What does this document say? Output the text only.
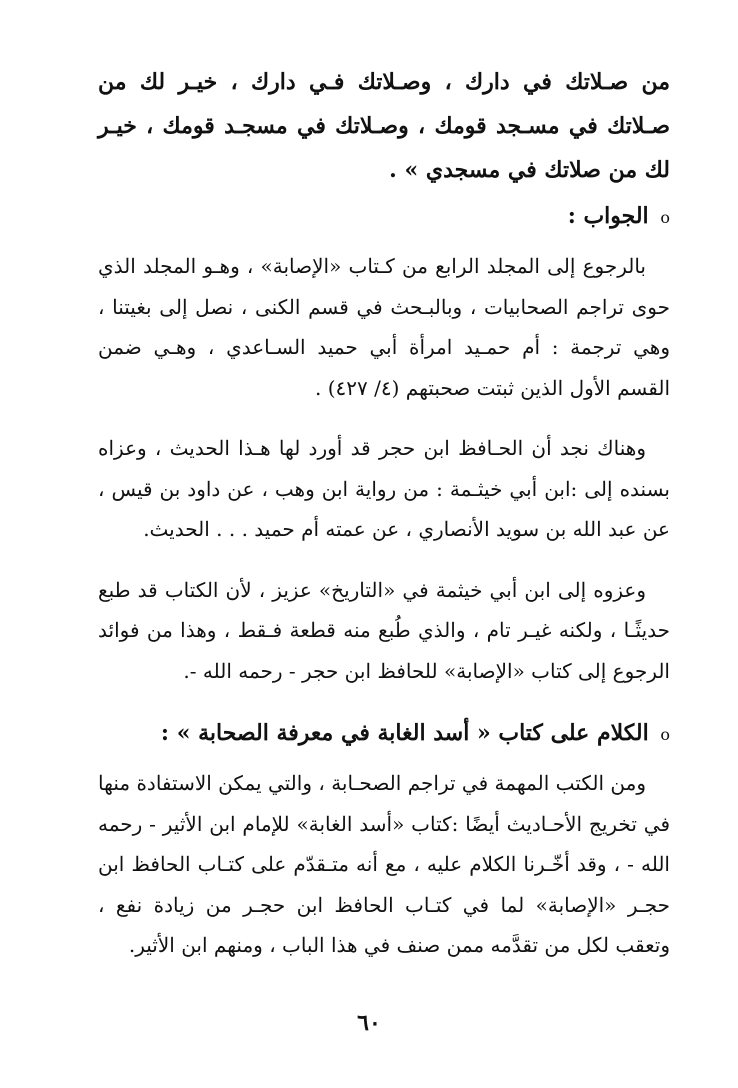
من صـلاتك في دارك ، وصـلاتك فـي دارك ، خيـر لك من صـلاتك في مسـجد قومك ، وصـلاتك في مسجـد قومك ، خيـر لك من صلاتك في مسجدي » .
o الجواب :

بالرجوع إلى المجلد الرابع من كـتاب «الإصابة» ، وهـو المجلد الذي حوى تراجم الصحابيات ، وبالبـحث في قسم الكنى ، نصل إلى بغيتنا ، وهي ترجمة : أم حمـيد امرأة أبي حميد السـاعدي ، وهـي ضمن القسم الأول الذين ثبتت صحبتهم (٤/ ٤٢٧) .

وهناك نجد أن الحـافظ ابن حجر قد أورد لها هـذا الحديث ، وعزاه بسنده إلى :ابن أبي خيثـمة : من رواية ابن وهب ، عن داود بن قيس ، عن عبد الله بن سويد الأنصاري ، عن عمته أم حميد . . . الحديث.

وعزوه إلى ابن أبي خيثمة في «التاريخ» عزيز ، لأن الكتاب قد طبع حديثًـا ، ولكنه غيـر تام ، والذي طُبع منه قطعة فـقط ، وهذا من فوائد الرجوع إلى كتاب «الإصابة» للحافظ ابن حجر - رحمه الله -.

o الكلام على كتاب « أسد الغابة في معرفة الصحابة » :

ومن الكتب المهمة في تراجم الصحـابة ، والتي يمكن الاستفادة منها في تخريج الأحـاديث أيضًا :كتاب «أسد الغابة» للإمام ابن الأثير - رحمه الله - ، وقد أخّـرنا الكلام عليه ، مع أنه متـقدّم على كتـاب الحافظ ابن حجـر «الإصابة» لما في كتـاب الحافظ ابن حجـر من زيادة نفع ، وتعقب لكل من تقدَّمه ممن صنف في هذا الباب ، ومنهم ابن الأثير.

٦٠
